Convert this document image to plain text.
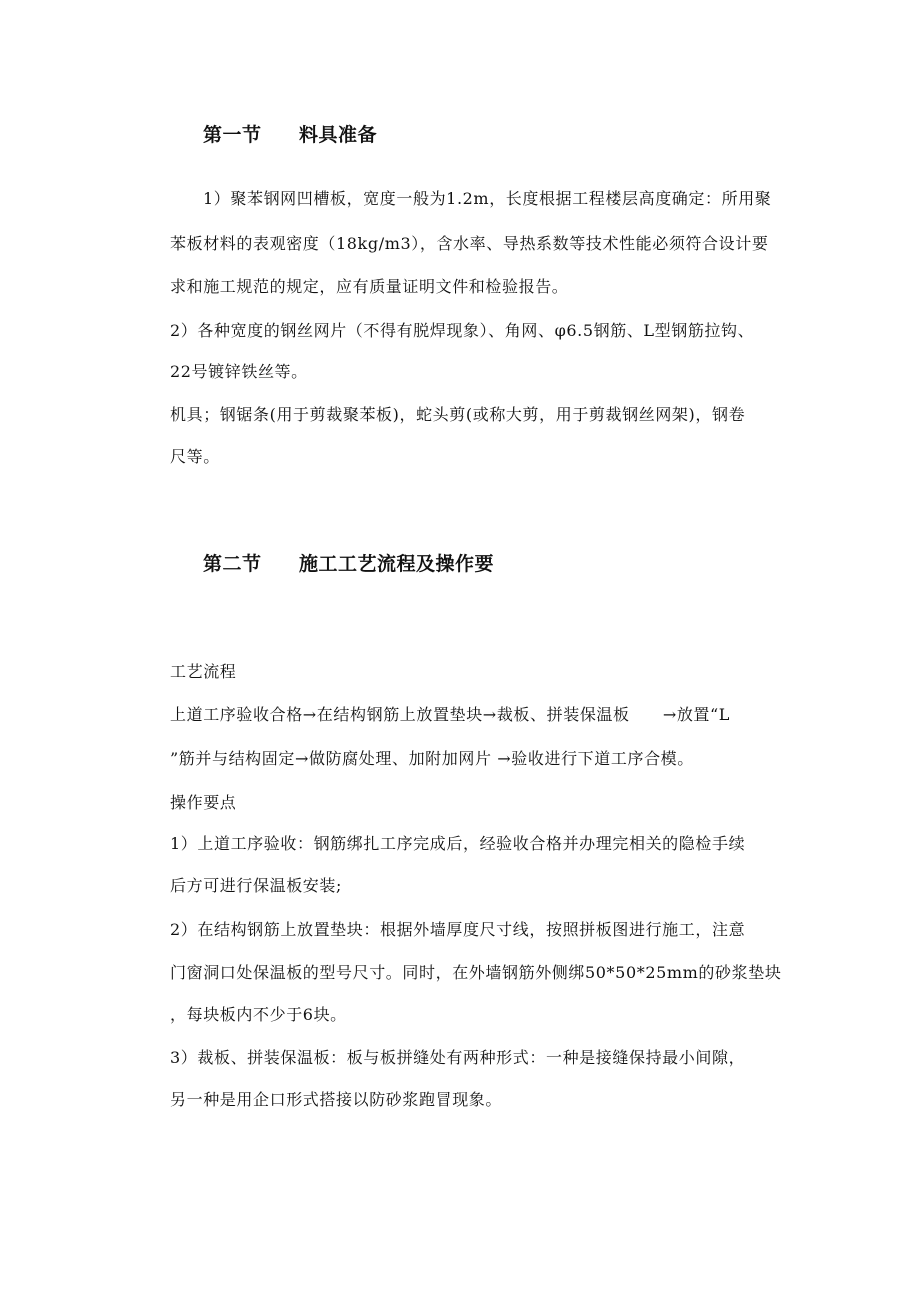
第一节 料具准备
1）聚苯钢网凹槽板，宽度一般为1.2m，长度根据工程楼层高度确定：所用聚
苯板材料的表观密度（18kg/m3），含水率、导热系数等技术性能必须符合设计要
求和施工规范的规定，应有质量证明文件和检验报告。
2）各种宽度的钢丝网片（不得有脱焊现象）、角网、φ6.5钢筋、L型钢筋拉钩、
22号镀锌铁丝等。
机具；钢锯条(用于剪裁聚苯板)，蛇头剪(或称大剪，用于剪裁钢丝网架)，钢卷
尺等。
第二节 施工工艺流程及操作要
工艺流程
上道工序验收合格→在结构钢筋上放置垫块→裁板、拼装保温板　　→放置“L
”筋并与结构固定→做防腐处理、加附加网片 →验收进行下道工序合模。
操作要点
1）上道工序验收：钢筋绑扎工序完成后，经验收合格并办理完相关的隐检手续
后方可进行保温板安装;
2）在结构钢筋上放置垫块：根据外墙厚度尺寸线，按照拼板图进行施工，注意
门窗洞口处保温板的型号尺寸。同时，在外墙钢筋外侧绑50*50*25mm的砂浆垫块
，每块板内不少于6块。
3）裁板、拼装保温板：板与板拼缝处有两种形式：一种是接缝保持最小间隙，
另一种是用企口形式搭接以防砂浆跑冒现象。
